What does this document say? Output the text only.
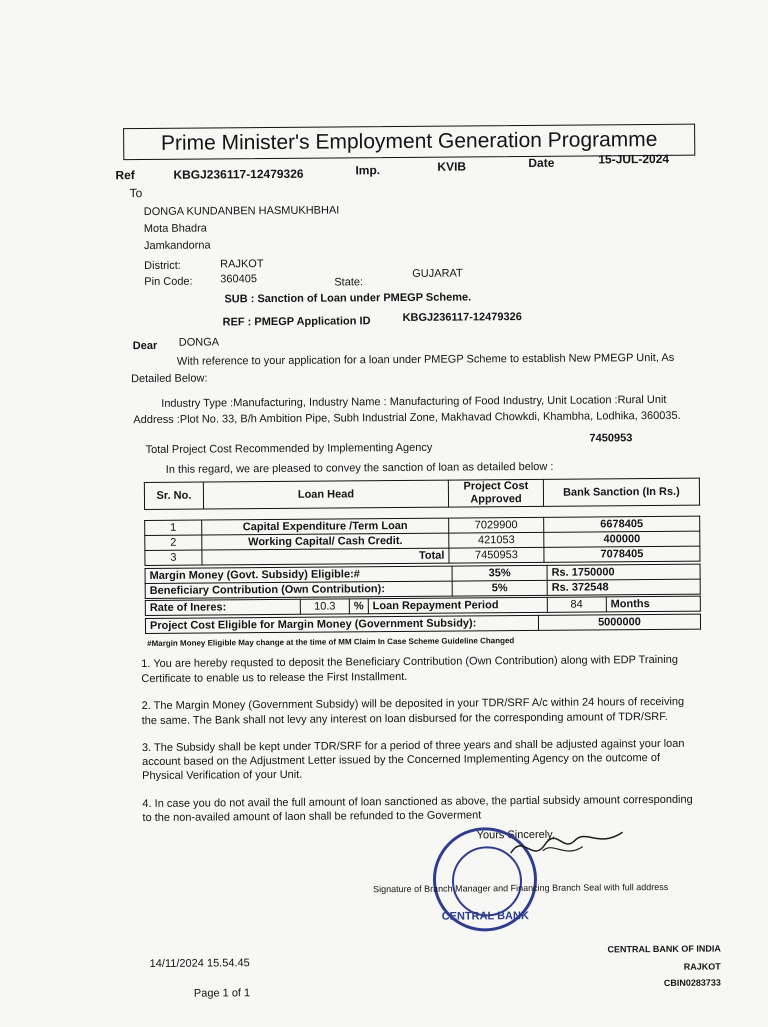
Prime Minister's Employment Generation Programme
Ref	KBGJ236117-12479326	Imp.	KVIB	Date	15-JUL-2024
To
DONGA KUNDANBEN HASMUKHBHAI
Mota Bhadra
Jamkandorna
District:	RAJKOT
Pin Code:	360405	State:
GUJARAT
SUB : Sanction of Loan under PMEGP Scheme.
REF : PMEGP Application ID	KBGJ236117-12479326
Dear DONGA
With reference to your application for a loan under PMEGP Scheme to establish New PMEGP Unit, As
Detailed Below:
Industry Type :Manufacturing, Industry Name : Manufacturing of Food Industry, Unit Location :Rural Unit
Address :Plot No. 33, B/h Ambition Pipe, Subh Industrial Zone, Makhavad Chowkdi, Khambha, Lodhika, 360035.
Total Project Cost Recommended by Implementing Agency
7450953
In this regard, we are pleased to convey the sanction of loan as detailed below :
Sr. No.	Loan Head	Project Cost Approved	Bank Sanction (In Rs.)
1	Capital Expenditure /Term Loan	7029900	6678405
2	Working Capital/ Cash Credit.	421053	400000
3	Total	7450953	7078405
Margin Money (Govt. Subsidy) Eligible:#	35%	Rs. 1750000
Beneficiary Contribution (Own Contribution):	5%	Rs. 372548
Rate of Ineres:	10.3	%	Loan Repayment Period	84	Months
Project Cost Eligible for Margin Money (Government Subsidy):	5000000
#Margin Money Eligible May change at the time of MM Claim In Case Scheme Guideline Changed
1. You are hereby requsted to deposit the Beneficiary Contribution (Own Contribution) along with EDP Training
Certificate to enable us to release the First Installment.
2. The Margin Money (Government Subsidy) will be deposited in your TDR/SRF A/c within 24 hours of receiving
the same. The Bank shall not levy any interest on loan disbursed for the corresponding amount of TDR/SRF.
3. The Subsidy shall be kept under TDR/SRF for a period of three years and shall be adjusted against your loan
account based on the Adjustment Letter issued by the Concerned Implementing Agency on the outcome of
Physical Verification of your Unit.
4. In case you do not avail the full amount of loan sanctioned as above, the partial subsidy amount corresponding
to the non-availed amount of laon shall be refunded to the Goverment
Yours Sincerely,
CENTRAL BANK
Signature of Branch Manager and Financing Branch Seal with full address
14/11/2024 15.54.45
Page 1 of 1
CENTRAL BANK OF INDIA
RAJKOT
CBIN0283733
